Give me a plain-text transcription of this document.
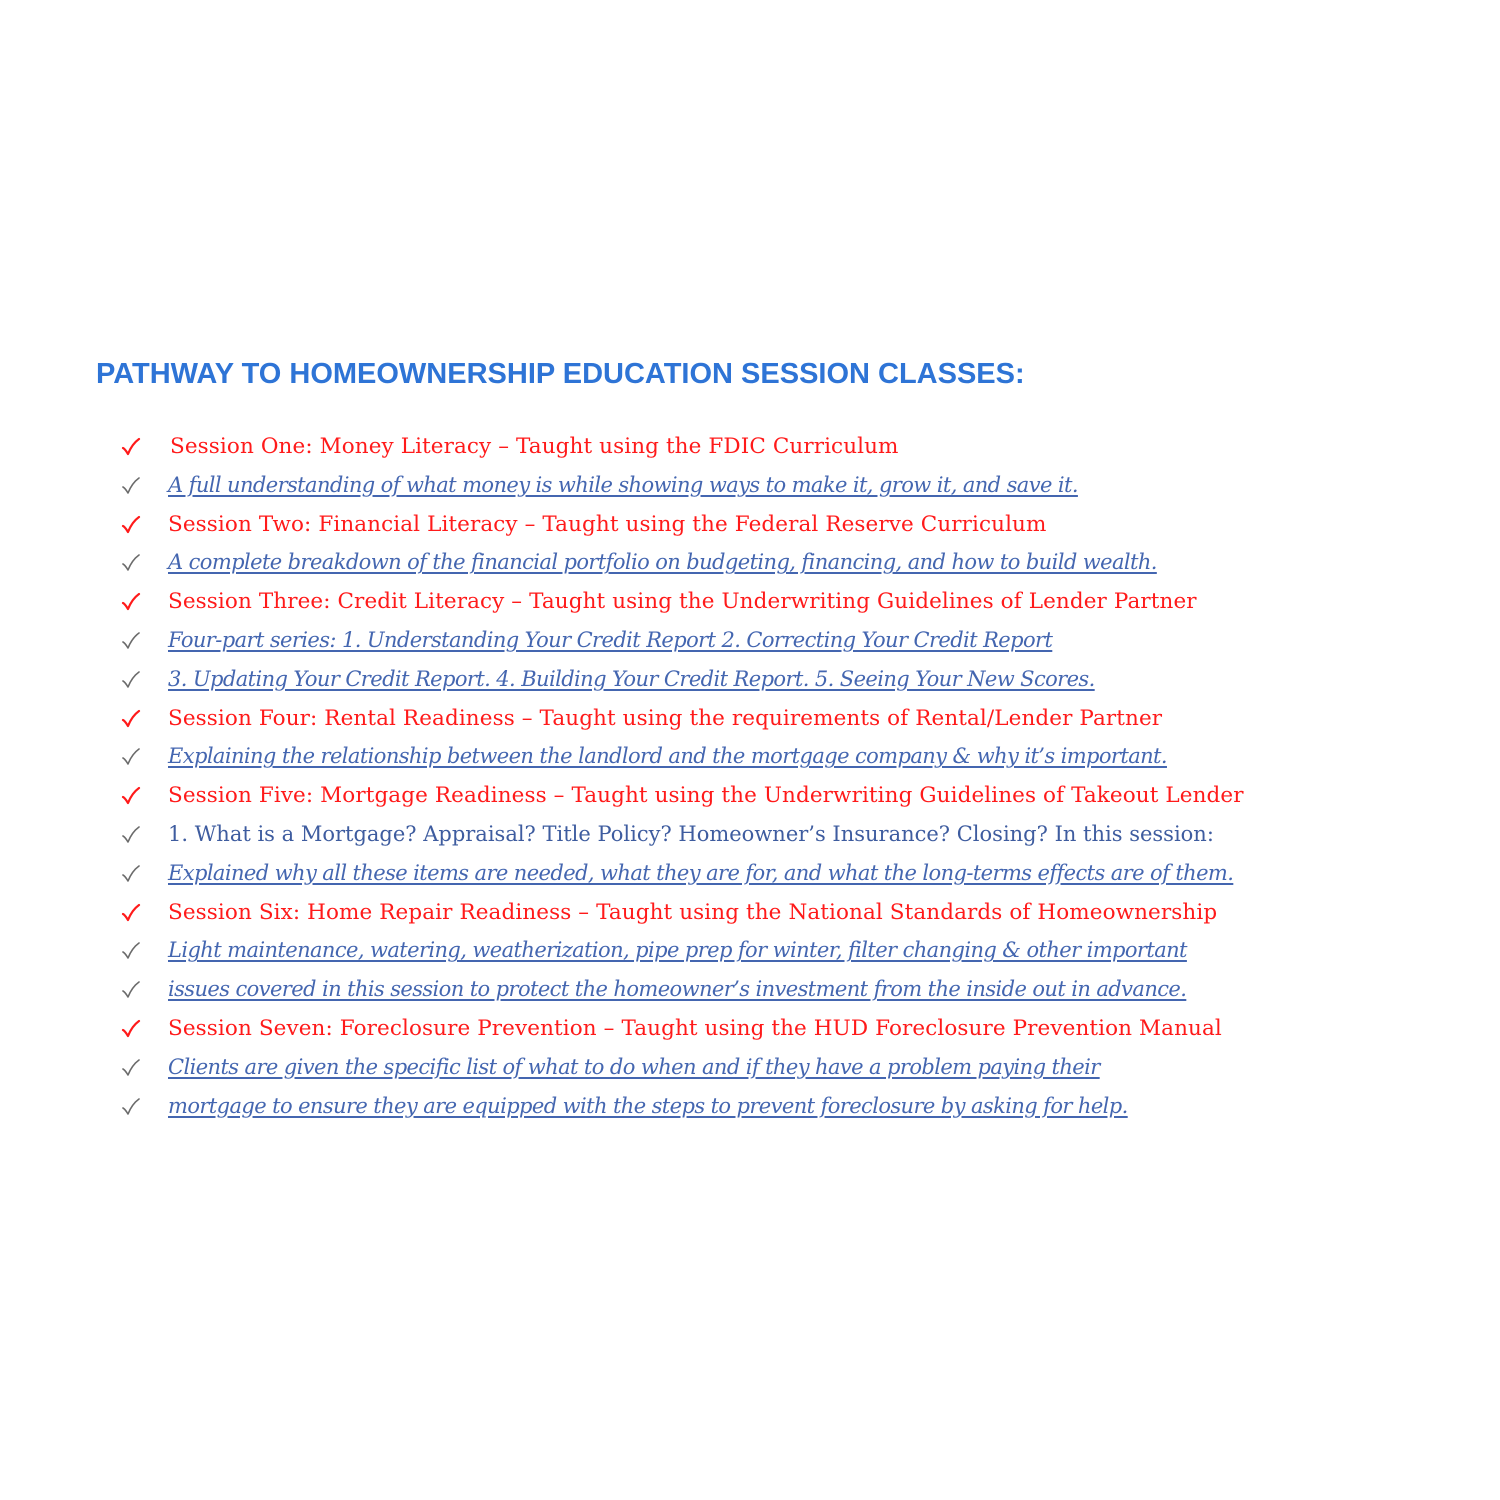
PATHWAY TO HOMEOWNERSHIP EDUCATION SESSION CLASSES:
Session One: Money Literacy – Taught using the FDIC Curriculum
A full understanding of what money is while showing ways to make it, grow it, and save it.
Session Two: Financial Literacy – Taught using the Federal Reserve Curriculum
A complete breakdown of the financial portfolio on budgeting, financing, and how to build wealth.
Session Three: Credit Literacy – Taught using the Underwriting Guidelines of Lender Partner
Four-part series: 1. Understanding Your Credit Report 2. Correcting Your Credit Report
3. Updating Your Credit Report. 4. Building Your Credit Report. 5. Seeing Your New Scores.
Session Four: Rental Readiness – Taught using the requirements of Rental/Lender Partner
Explaining the relationship between the landlord and the mortgage company & why it’s important.
Session Five: Mortgage Readiness – Taught using the Underwriting Guidelines of Takeout Lender
1. What is a Mortgage? Appraisal? Title Policy? Homeowner’s Insurance? Closing? In this session:
Explained why all these items are needed, what they are for, and what the long-terms effects are of them.
Session Six: Home Repair Readiness – Taught using the National Standards of Homeownership
Light maintenance, watering, weatherization, pipe prep for winter, filter changing & other important
issues covered in this session to protect the homeowner’s investment from the inside out in advance.
Session Seven: Foreclosure Prevention – Taught using the HUD Foreclosure Prevention Manual
Clients are given the specific list of what to do when and if they have a problem paying their
mortgage to ensure they are equipped with the steps to prevent foreclosure by asking for help.
